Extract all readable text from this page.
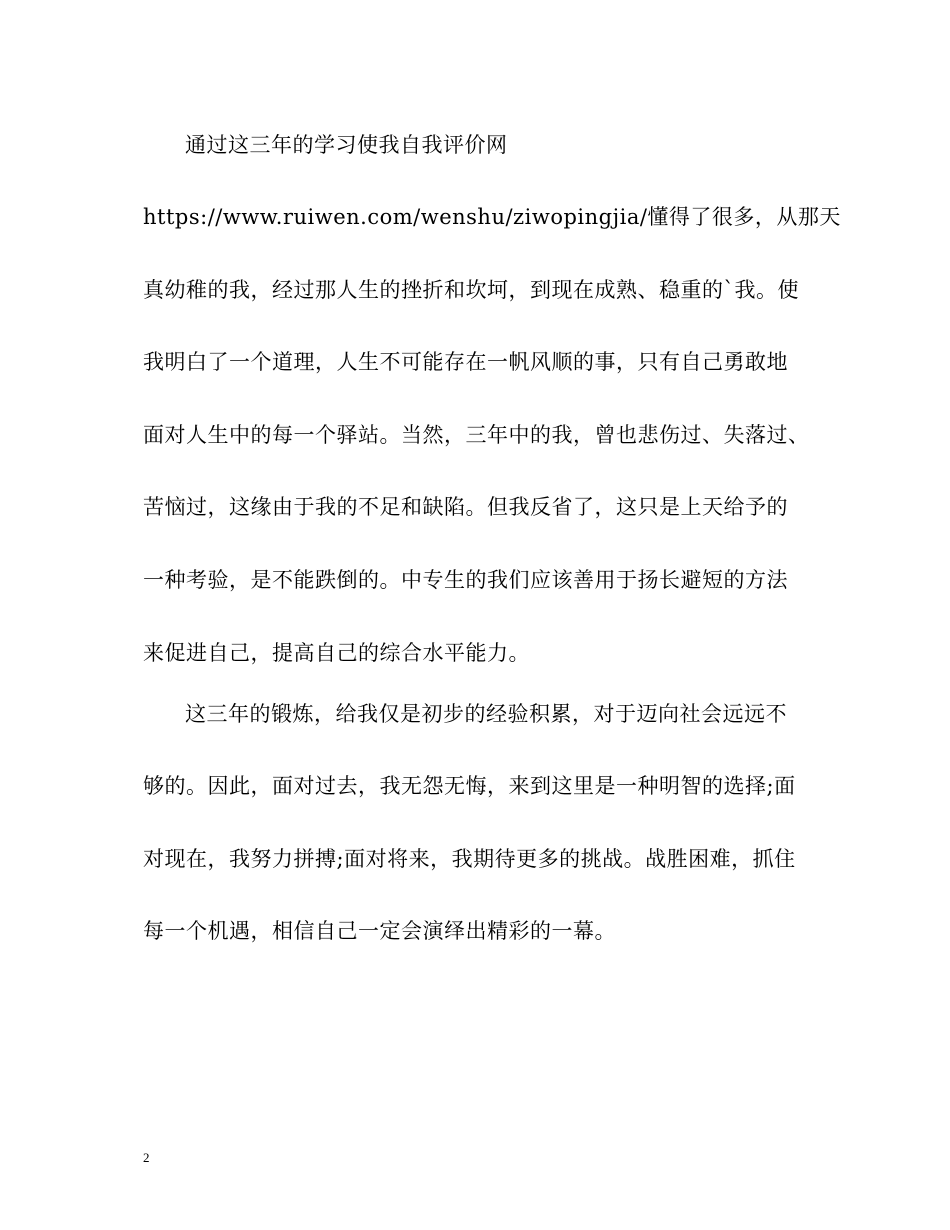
通过这三年的学习使我自我评价网
https://www.ruiwen.com/wenshu/ziwopingjia/懂得了很多，从那天
真幼稚的我，经过那人生的挫折和坎坷，到现在成熟、稳重的`我。使
我明白了一个道理，人生不可能存在一帆风顺的事，只有自己勇敢地
面对人生中的每一个驿站。当然，三年中的我，曾也悲伤过、失落过、
苦恼过，这缘由于我的不足和缺陷。但我反省了，这只是上天给予的
一种考验，是不能跌倒的。中专生的我们应该善用于扬长避短的方法
来促进自己，提高自己的综合水平能力。
这三年的锻炼，给我仅是初步的经验积累，对于迈向社会远远不
够的。因此，面对过去，我无怨无悔，来到这里是一种明智的选择;面
对现在，我努力拼搏;面对将来，我期待更多的挑战。战胜困难，抓住
每一个机遇，相信自己一定会演绎出精彩的一幕。
2
